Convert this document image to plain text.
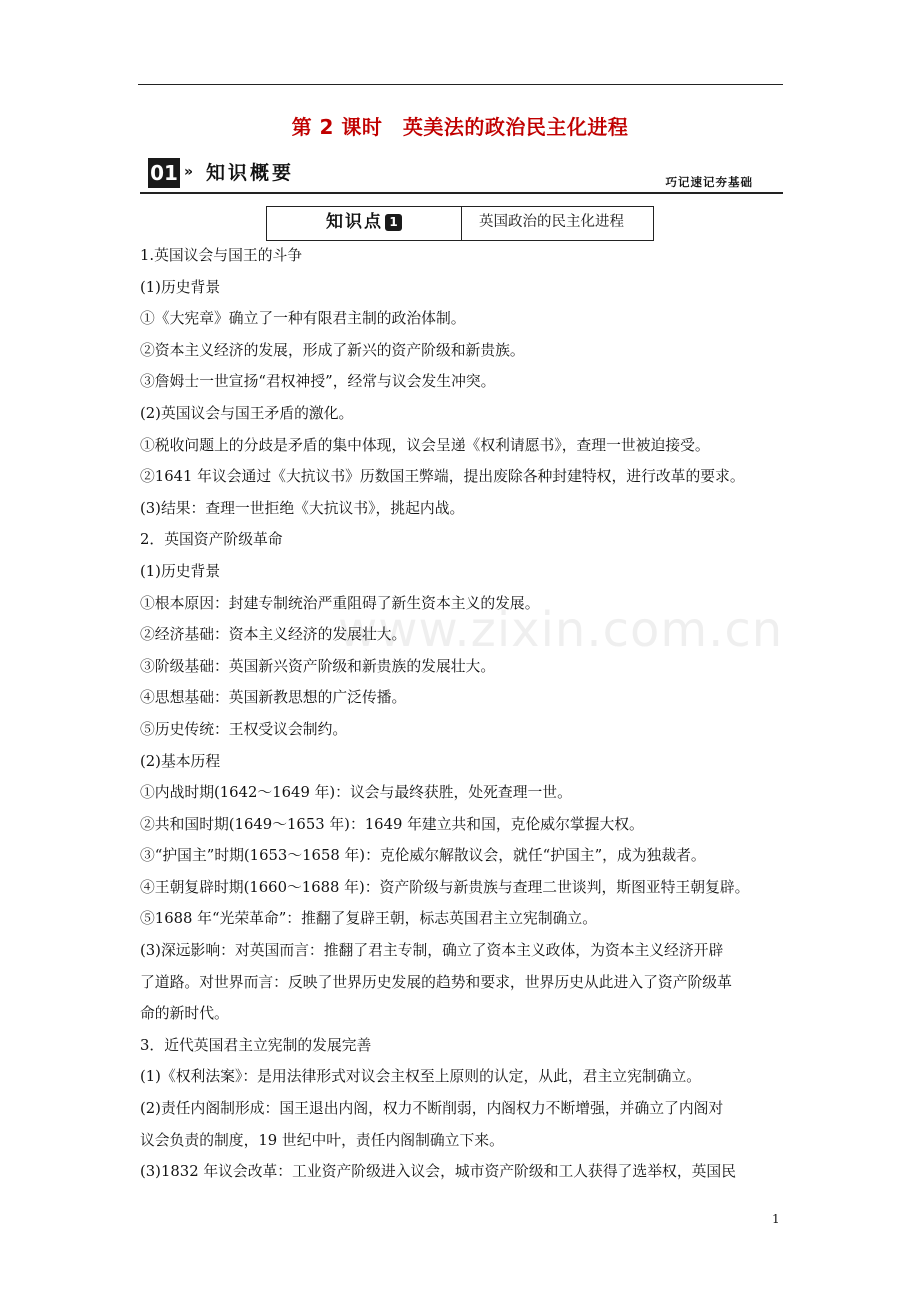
第 2 课时　英美法的政治民主化进程
01 » 知识概要	巧记速记夯基础
知识点 1	英国政治的民主化进程
1.英国议会与国王的斗争
(1)历史背景
①《大宪章》确立了一种有限君主制的政治体制。
②资本主义经济的发展，形成了新兴的资产阶级和新贵族。
③詹姆士一世宣扬“君权神授”，经常与议会发生冲突。
(2)英国议会与国王矛盾的激化。
①税收问题上的分歧是矛盾的集中体现，议会呈递《权利请愿书》，查理一世被迫接受。
②1641 年议会通过《大抗议书》历数国王弊端，提出废除各种封建特权，进行改革的要求。
(3)结果：查理一世拒绝《大抗议书》，挑起内战。
2．英国资产阶级革命
(1)历史背景
①根本原因：封建专制统治严重阻碍了新生资本主义的发展。
②经济基础：资本主义经济的发展壮大。
③阶级基础：英国新兴资产阶级和新贵族的发展壮大。
④思想基础：英国新教思想的广泛传播。
⑤历史传统：王权受议会制约。
(2)基本历程
①内战时期(1642～1649 年)：议会与最终获胜，处死查理一世。
②共和国时期(1649～1653 年)：1649 年建立共和国，克伦威尔掌握大权。
③“护国主”时期(1653～1658 年)：克伦威尔解散议会，就任“护国主”，成为独裁者。
④王朝复辟时期(1660～1688 年)：资产阶级与新贵族与查理二世谈判，斯图亚特王朝复辟。
⑤1688 年“光荣革命”：推翻了复辟王朝，标志英国君主立宪制确立。
(3)深远影响：对英国而言：推翻了君主专制，确立了资本主义政体，为资本主义经济开辟
了道路。对世界而言：反映了世界历史发展的趋势和要求，世界历史从此进入了资产阶级革
命的新时代。
3．近代英国君主立宪制的发展完善
(1)《权利法案》：是用法律形式对议会主权至上原则的认定，从此，君主立宪制确立。
(2)责任内阁制形成：国王退出内阁，权力不断削弱，内阁权力不断增强，并确立了内阁对
议会负责的制度，19 世纪中叶，责任内阁制确立下来。
(3)1832 年议会改革：工业资产阶级进入议会，城市资产阶级和工人获得了选举权，英国民
www.zixin.com.cn
1
